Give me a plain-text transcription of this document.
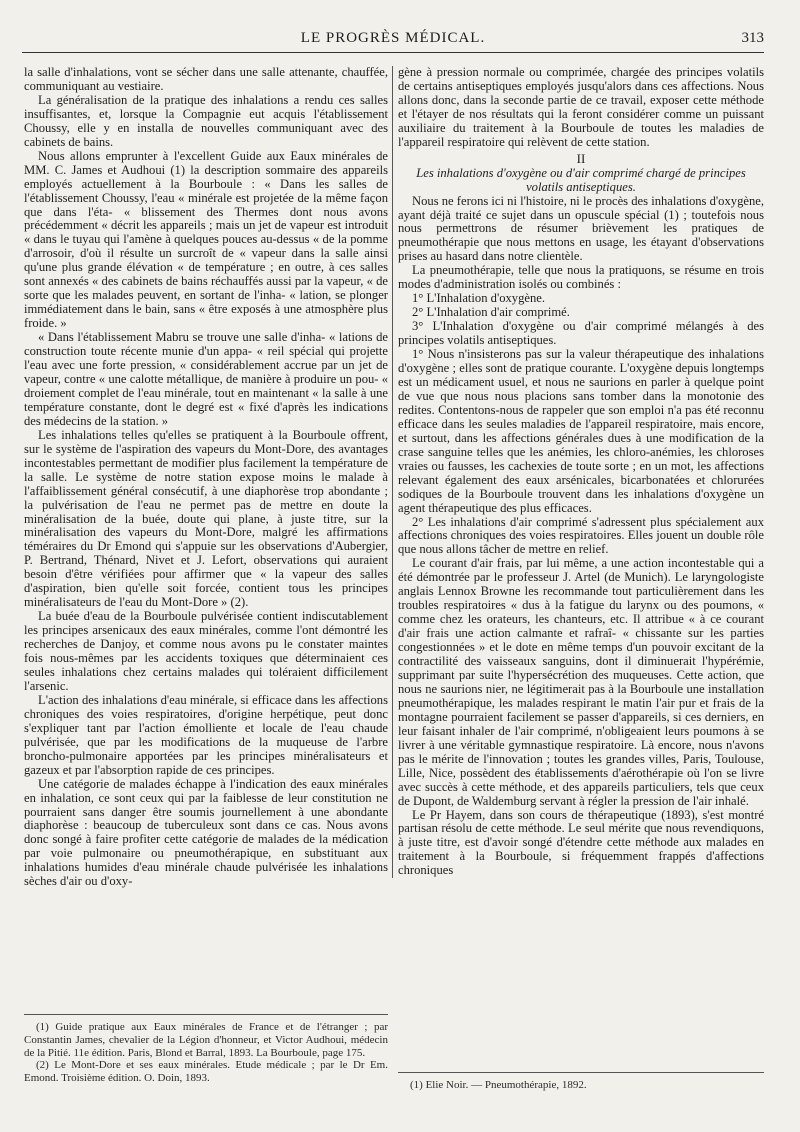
LE PROGRÈS MÉDICAL.	313

la salle d'inhalations, vont se sécher dans une salle attenante, chauffée, communiquant au vestiaire.

La généralisation de la pratique des inhalations a rendu ces salles insuffisantes, et, lorsque la Compagnie eut acquis l'établissement Choussy, elle y en installa de nouvelles communiquant avec des cabinets de bains.

Nous allons emprunter à l'excellent Guide aux Eaux minérales de MM. C. James et Audhoui (1) la description sommaire des appareils employés actuellement à la Bourboule : « Dans les salles de l'établissement Choussy, l'eau « minérale est projetée de la même façon que dans l'éta- « blissement des Thermes dont nous avons précédemment « décrit les appareils ; mais un jet de vapeur est introduit « dans le tuyau qui l'amène à quelques pouces au-dessus « de la pomme d'arrosoir, d'où il résulte un surcroît de « vapeur dans la salle ainsi qu'une plus grande élévation « de température ; en outre, à ces salles sont annexés « des cabinets de bains réchauffés aussi par la vapeur, « de sorte que les malades peuvent, en sortant de l'inha- « lation, se plonger immédiatement dans le bain, sans « être exposés à une atmosphère plus froide. »

« Dans l'établissement Mabru se trouve une salle d'inha- « lations de construction toute récente munie d'un appa- « reil spécial qui projette l'eau avec une forte pression, « considérablement accrue par un jet de vapeur, contre « une calotte métallique, de manière à produire un pou- « droiement complet de l'eau minérale, tout en maintenant « la salle à une température constante, dont le degré est « fixé d'après les indications des médecins de la station. »

Les inhalations telles qu'elles se pratiquent à la Bourboule offrent, sur le système de l'aspiration des vapeurs du Mont-Dore, des avantages incontestables permettant de modifier plus facilement la température de la salle. Le système de notre station expose moins le malade à l'affaiblissement général consécutif, à une diaphorèse trop abondante ; la pulvérisation de l'eau ne permet pas de mettre en doute la minéralisation de la buée, doute qui plane, à juste titre, sur la minéralisation des vapeurs du Mont-Dore, malgré les affirmations téméraires du Dr Emond qui s'appuie sur les observations d'Aubergier, P. Bertrand, Thénard, Nivet et J. Lefort, observations qui auraient besoin d'être vérifiées pour affirmer que « la vapeur des salles d'aspiration, bien qu'elle soit forcée, contient tous les principes minéralisateurs de l'eau du Mont-Dore » (2).

La buée d'eau de la Bourboule pulvérisée contient indiscutablement les principes arsenicaux des eaux minérales, comme l'ont démontré les recherches de Danjoy, et comme nous avons pu le constater maintes fois nous-mêmes par les accidents toxiques que déterminaient ces seules inhalations chez certains malades qui toléraient difficilement l'arsenic.

L'action des inhalations d'eau minérale, si efficace dans les affections chroniques des voies respiratoires, d'origine herpétique, peut donc s'expliquer tant par l'action émolliente et locale de l'eau chaude pulvérisée, que par les modifications de la muqueuse de l'arbre broncho-pulmonaire apportées par les principes minéralisateurs et gazeux et par l'absorption rapide de ces principes.

Une catégorie de malades échappe à l'indication des eaux minérales en inhalation, ce sont ceux qui par la faiblesse de leur constitution ne pourraient sans danger être soumis journellement à une abondante diaphorèse : beaucoup de tuberculeux sont dans ce cas. Nous avons donc songé à faire profiter cette catégorie de malades de la médication par voie pulmonaire ou pneumothérapique, en substituant aux inhalations humides d'eau minérale chaude pulvérisée les inhalations sèches d'air ou d'oxy-

gène à pression normale ou comprimée, chargée des principes volatils de certains antiseptiques employés jusqu'alors dans ces affections. Nous allons donc, dans la seconde partie de ce travail, exposer cette méthode et l'étayer de nos résultats qui la feront considérer comme un puissant auxiliaire du traitement à la Bourboule de toutes les maladies de l'appareil respiratoire qui relèvent de cette station.

II

Les inhalations d'oxygène ou d'air comprimé chargé de principes volatils antiseptiques.

Nous ne ferons ici ni l'histoire, ni le procès des inhalations d'oxygène, ayant déjà traité ce sujet dans un opuscule spécial (1) ; toutefois nous nous permettrons de résumer brièvement les pratiques de pneumothérapie que nous mettons en usage, les étayant d'observations prises au hasard dans notre clientèle.

La pneumothérapie, telle que nous la pratiquons, se résume en trois modes d'administration isolés ou combinés :

1° L'Inhalation d'oxygène.

2° L'Inhalation d'air comprimé.

3° L'Inhalation d'oxygène ou d'air comprimé mélangés à des principes volatils antiseptiques.

1° Nous n'insisterons pas sur la valeur thérapeutique des inhalations d'oxygène ; elles sont de pratique courante. L'oxygène depuis longtemps est un médicament usuel, et nous ne saurions en parler à quelque point de vue que nous nous placions sans tomber dans la monotonie des redites. Contentons-nous de rappeler que son emploi n'a pas été reconnu efficace dans les seules maladies de l'appareil respiratoire, mais encore, et surtout, dans les affections générales dues à une modification de la crase sanguine telles que les anémies, les chloro-anémies, les chloroses vraies ou fausses, les cachexies de toute sorte ; en un mot, les affections relevant également des eaux arsénicales, bicarbonatées et chlorurées sodiques de la Bourboule trouvent dans les inhalations d'oxygène un agent thérapeutique des plus efficaces.

2° Les inhalations d'air comprimé s'adressent plus spécialement aux affections chroniques des voies respiratoires. Elles jouent un double rôle que nous allons tâcher de mettre en relief.

Le courant d'air frais, par lui même, a une action incontestable qui a été démontrée par le professeur J. Artel (de Munich). Le laryngologiste anglais Lennox Browne les recommande tout particulièrement dans les troubles respiratoires « dus à la fatigue du larynx ou des poumons, « comme chez les orateurs, les chanteurs, etc. Il attribue « à ce courant d'air frais une action calmante et rafraî- « chissante sur les parties congestionnées » et le dote en même temps d'un pouvoir excitant de la contractilité des vaisseaux sanguins, dont il diminuerait l'hypérémie, supprimant par suite l'hypersécrétion des muqueuses. Cette action, que nous ne saurions nier, ne légitimerait pas à la Bourboule une installation pneumothérapique, les malades respirant le matin l'air pur et frais de la montagne pourraient facilement se passer d'appareils, si ces derniers, en leur faisant inhaler de l'air comprimé, n'obligeaient leurs poumons à se livrer à une véritable gymnastique respiratoire. Là encore, nous n'avons pas le mérite de l'innovation ; toutes les grandes villes, Paris, Toulouse, Lille, Nice, possèdent des établissements d'aérothérapie où l'on se livre avec succès à cette méthode, et des appareils particuliers, tels que ceux de Dupont, de Waldemburg servant à régler la pression de l'air inhalé.

Le Pr Hayem, dans son cours de thérapeutique (1893), s'est montré partisan résolu de cette méthode. Le seul mérite que nous revendiquons, à juste titre, est d'avoir songé d'étendre cette méthode aux malades en traitement à la Bourboule, si fréquemment frappés d'affections chroniques

(1) Guide pratique aux Eaux minérales de France et de l'étranger ; par Constantin James, chevalier de la Légion d'honneur, et Victor Audhoui, médecin de la Pitié. 11e édition. Paris, Blond et Barral, 1893. La Bourboule, page 175.

(2) Le Mont-Dore et ses eaux minérales. Etude médicale ; par le Dr Em. Emond. Troisième édition. O. Doin, 1893.

(1) Elie Noir. — Pneumothérapie, 1892.
